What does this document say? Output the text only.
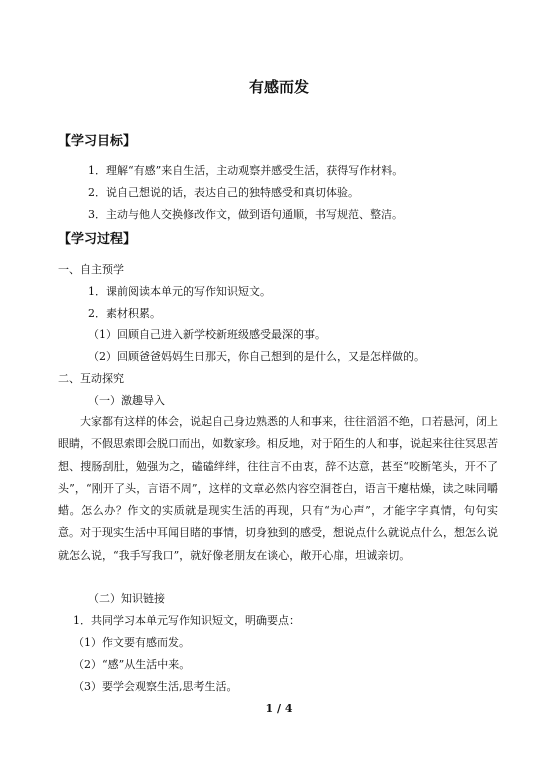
有感而发
【学习目标】
1．理解“有感”来自生活，主动观察并感受生活，获得写作材料。
2．说自己想说的话，表达自己的独特感受和真切体验。
3．主动与他人交换修改作文，做到语句通顺，书写规范、整洁。
【学习过程】
一、自主预学
1．课前阅读本单元的写作知识短文。
2．素材积累。
（1）回顾自己进入新学校新班级感受最深的事。
（2）回顾爸爸妈妈生日那天，你自己想到的是什么，又是怎样做的。
二、互动探究
（一）激趣导入
大家都有这样的体会，说起自己身边熟悉的人和事来，往往滔滔不绝，口若悬河，闭上眼睛，不假思索即会脱口而出，如数家珍。相反地，对于陌生的人和事，说起来往往冥思苦想、搜肠刮肚，勉强为之，磕磕绊绊，往往言不由衷，辞不达意，甚至“咬断笔头，开不了头”，“刚开了头，言语不周”，这样的文章必然内容空洞苍白，语言干瘪枯燥，读之味同嚼蜡。怎么办？作文的实质就是现实生活的再现，只有“为心声”，才能字字真情，句句实意。对于现实生活中耳闻目睹的事情，切身独到的感受，想说点什么就说点什么，想怎么说就怎么说，“我手写我口”，就好像老朋友在谈心，敞开心扉，坦诚亲切。
（二）知识链接
1．共同学习本单元写作知识短文，明确要点：
（1）作文要有感而发。
（2）“感”从生活中来。
（3）要学会观察生活,思考生活。
1 / 4
